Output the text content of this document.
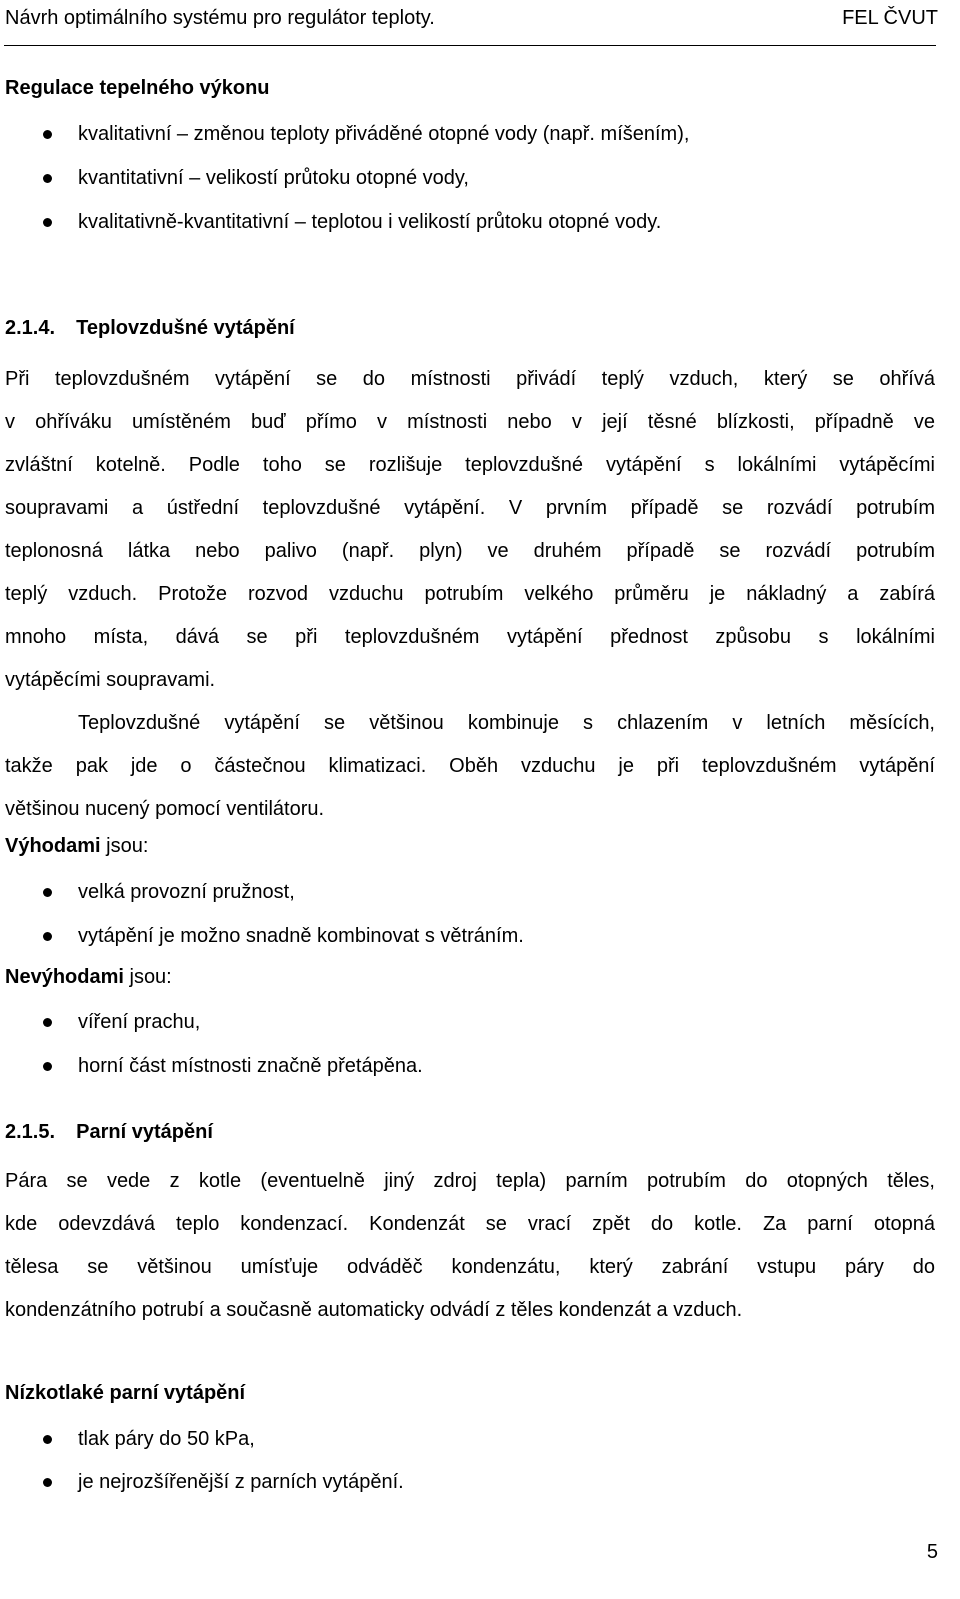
Návrh optimálního systému pro regulátor teploty.	FEL ČVUT
Regulace tepelného výkonu
kvalitativní – změnou teploty přiváděné otopné vody (např. míšením),
kvantitativní – velikostí průtoku otopné vody,
kvalitativně-kvantitativní – teplotou i velikostí průtoku otopné vody.
2.1.4. Teplovzdušné vytápění
Při teplovzdušném vytápění se do místnosti přivádí teplý vzduch, který se ohřívá
v ohříváku umístěném buď přímo v místnosti nebo v její těsné blízkosti, případně ve
zvláštní kotelně. Podle toho se rozlišuje teplovzdušné vytápění s lokálními vytápěcími
soupravami a ústřední teplovzdušné vytápění. V prvním případě se rozvádí potrubím
teplonosná látka nebo palivo (např. plyn) ve druhém případě se rozvádí potrubím
teplý vzduch. Protože rozvod vzduchu potrubím velkého průměru je nákladný a zabírá
mnoho místa, dává se při teplovzdušném vytápění přednost způsobu s lokálními
vytápěcími soupravami.
Teplovzdušné vytápění se většinou kombinuje s chlazením v letních měsících,
takže pak jde o částečnou klimatizaci. Oběh vzduchu je při teplovzdušném vytápění
většinou nucený pomocí ventilátoru.
Výhodami jsou:
velká provozní pružnost,
vytápění je možno snadně kombinovat s větráním.
Nevýhodami jsou:
víření prachu,
horní část místnosti značně přetápěna.
2.1.5. Parní vytápění
Pára se vede z kotle (eventuelně jiný zdroj tepla) parním potrubím do otopných těles,
kde odevzdává teplo kondenzací. Kondenzát se vrací zpět do kotle. Za parní otopná
tělesa se většinou umísťuje odváděč kondenzátu, který zabrání vstupu páry do
kondenzátního potrubí a současně automaticky odvádí z těles kondenzát a vzduch.
Nízkotlaké parní vytápění
tlak páry do 50 kPa,
je nejrozšířenější z parních vytápění.
5
